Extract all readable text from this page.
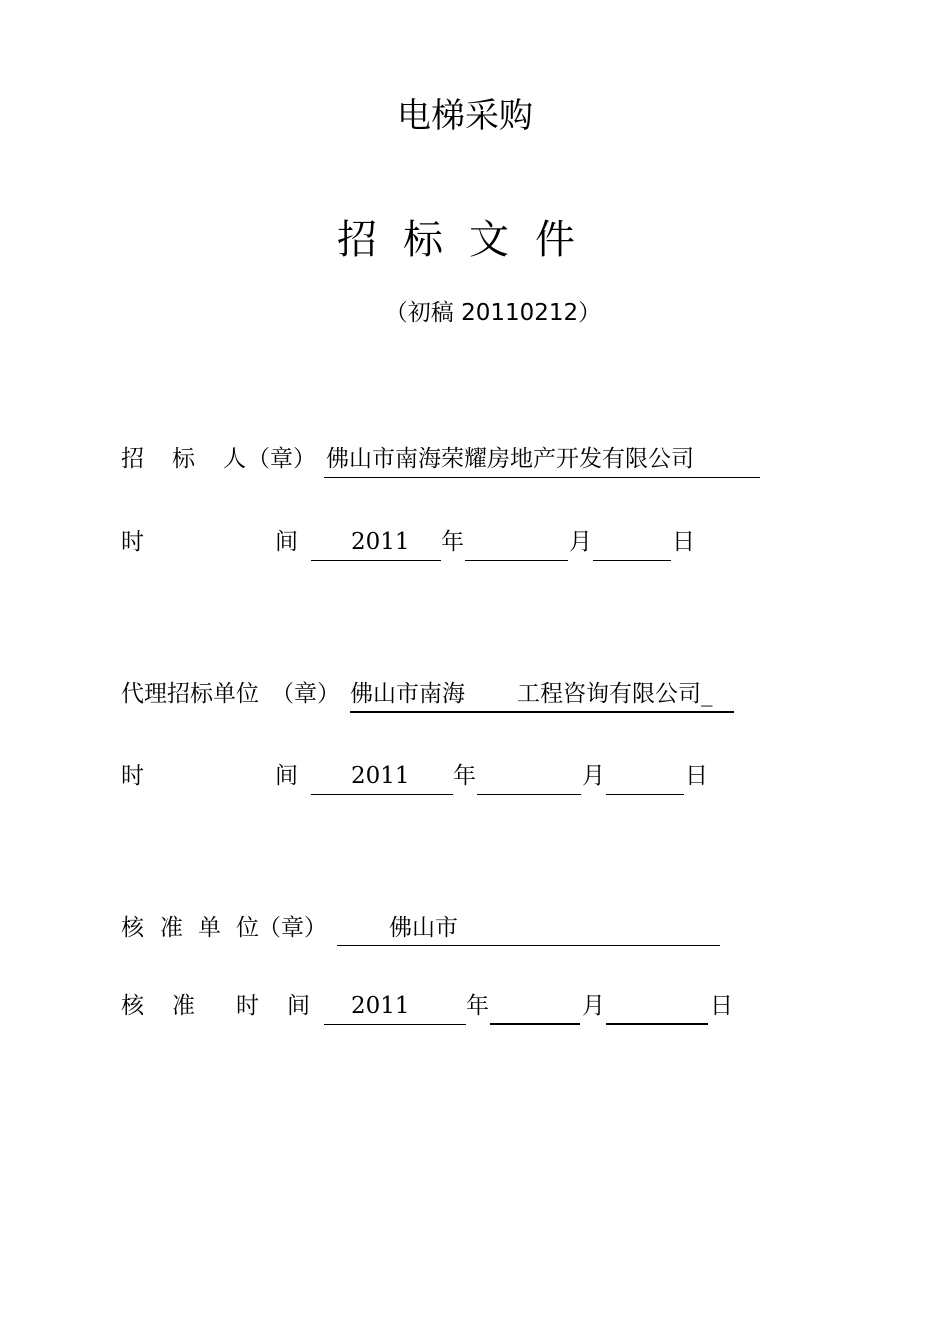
电梯采购
招标文件
（初稿 20110212）
招 标 人 （章） 佛山市南海荣耀房地产开发有限公司
时	间 2011 年	月	日
代理招标单位 （章） 佛山市南海 工程咨询有限公司_
时	间 2011 年	月	日
核 准 单 位 （章）	佛山市
核 准 时 间 2011 年	月	日
